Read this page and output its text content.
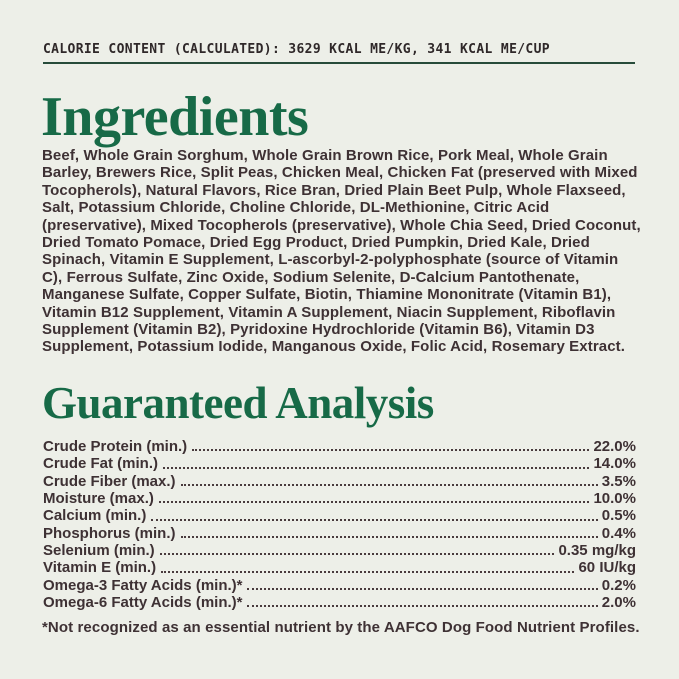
CALORIE CONTENT (CALCULATED): 3629 KCAL ME/KG, 341 KCAL ME/CUP
Ingredients

Beef, Whole Grain Sorghum, Whole Grain Brown Rice, Pork Meal, Whole Grain Barley, Brewers Rice, Split Peas, Chicken Meal, Chicken Fat (preserved with Mixed Tocopherols), Natural Flavors, Rice Bran, Dried Plain Beet Pulp, Whole Flaxseed, Salt, Potassium Chloride, Choline Chloride, DL-Methionine, Citric Acid (preservative), Mixed Tocopherols (preservative), Whole Chia Seed, Dried Coconut, Dried Tomato Pomace, Dried Egg Product, Dried Pumpkin, Dried Kale, Dried Spinach, Vitamin E Supplement, L-ascorbyl-2-polyphosphate (source of Vitamin C), Ferrous Sulfate, Zinc Oxide, Sodium Selenite, D-Calcium Pantothenate, Manganese Sulfate, Copper Sulfate, Biotin, Thiamine Mononitrate (Vitamin B1), Vitamin B12 Supplement, Vitamin A Supplement, Niacin Supplement, Riboflavin Supplement (Vitamin B2), Pyridoxine Hydrochloride (Vitamin B6), Vitamin D3 Supplement, Potassium Iodide, Manganous Oxide, Folic Acid, Rosemary Extract.

Guaranteed Analysis
Crude Protein (min.)	22.0%
Crude Fat (min.)	14.0%
Crude Fiber (max.)	3.5%
Moisture (max.)	10.0%
Calcium (min.)	0.5%
Phosphorus (min.)	0.4%
Selenium (min.)	0.35 mg/kg
Vitamin E (min.)	60 IU/kg
Omega-3 Fatty Acids (min.)*	0.2%
Omega-6 Fatty Acids (min.)*	2.0%

*Not recognized as an essential nutrient by the AAFCO Dog Food Nutrient Profiles.
